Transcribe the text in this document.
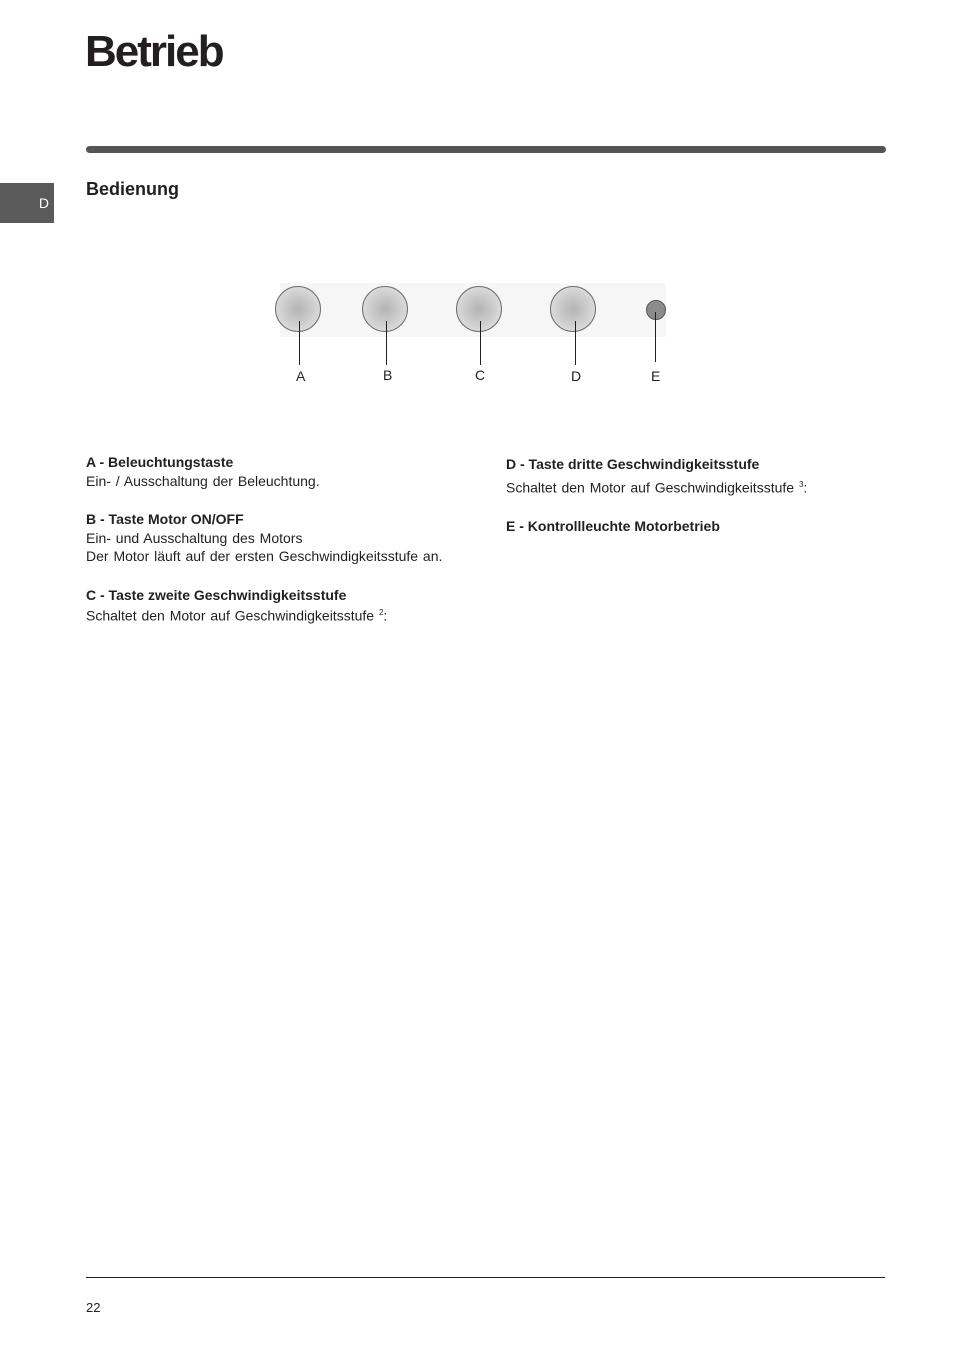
Betrieb
D
Bedienung
A	B	C	D	E
A - Beleuchtungstaste
Ein- / Ausschaltung der Beleuchtung.
B - Taste Motor ON/OFF
Ein- und Ausschaltung des Motors
Der Motor läuft auf der ersten Geschwindigkeitsstufe an.
C - Taste zweite Geschwindigkeitsstufe
Schaltet den Motor auf Geschwindigkeitsstufe $^2$:
D - Taste dritte Geschwindigkeitsstufe
Schaltet den Motor auf Geschwindigkeitsstufe $^3$:
E - Kontrollleuchte Motorbetrieb
22
